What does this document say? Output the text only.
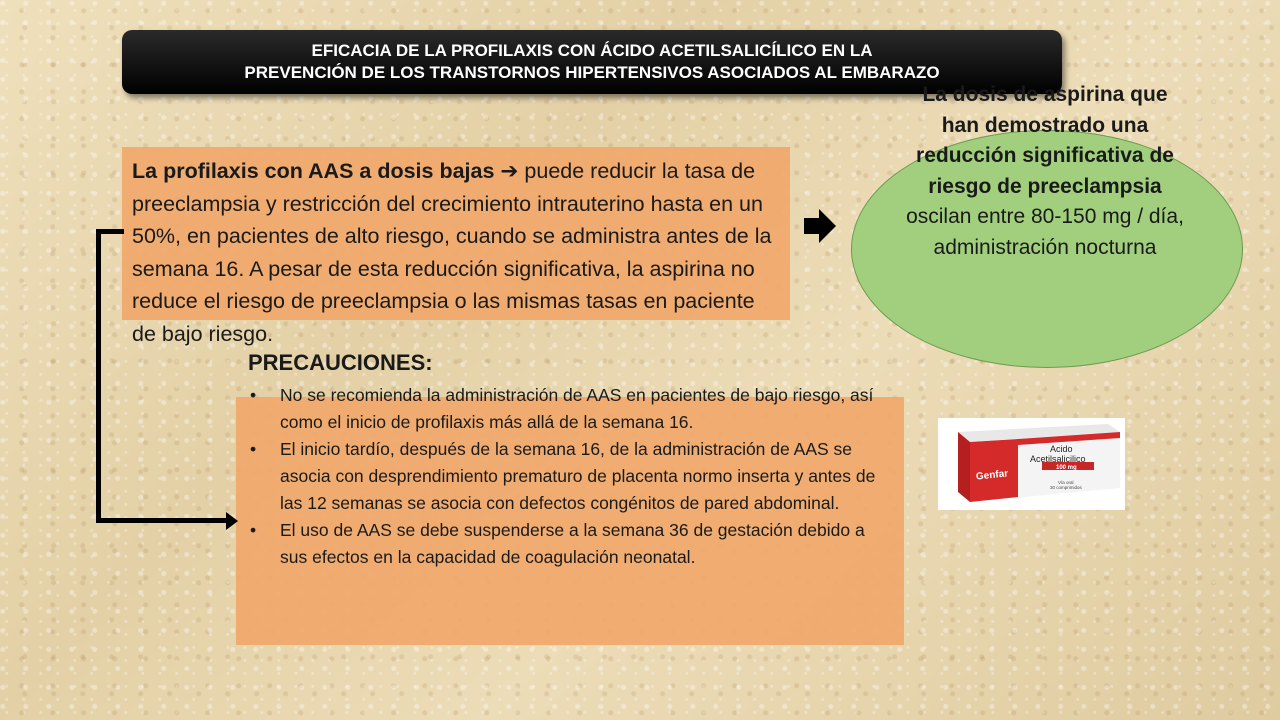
EFICACIA DE LA PROFILAXIS CON ÁCIDO ACETILSALICÍLICO EN LA
PREVENCIÓN DE LOS TRANSTORNOS HIPERTENSIVOS ASOCIADOS AL EMBARAZO
La profilaxis con AAS a dosis bajas ➔ puede reducir la tasa de preeclampsia y restricción del crecimiento intrauterino hasta en un 50%, en pacientes de alto riesgo, cuando se administra antes de la semana 16. A pesar de esta reducción significativa, la aspirina no reduce el riesgo de preeclampsia o las mismas tasas en paciente de bajo riesgo.
PRECAUCIONES:
• No se recomienda la administración de AAS en pacientes de bajo riesgo, así como el inicio de profilaxis más allá de la semana 16.
• El inicio tardío, después de la semana 16, de la administración de AAS se asocia con desprendimiento prematuro de placenta normo inserta y antes de las 12 semanas se asocia con defectos congénitos de pared abdominal.
• El uso de AAS se debe suspenderse a la semana 36 de gestación debido a sus efectos en la capacidad de coagulación neonatal.
La dosis de aspirina que han demostrado una reducción significativa de riesgo de preeclampsia oscilan entre 80-150 mg / día, administración nocturna
Genfar
Acido
Acetilsalicilico
100 mg
Vía oral
30 comprimidos
